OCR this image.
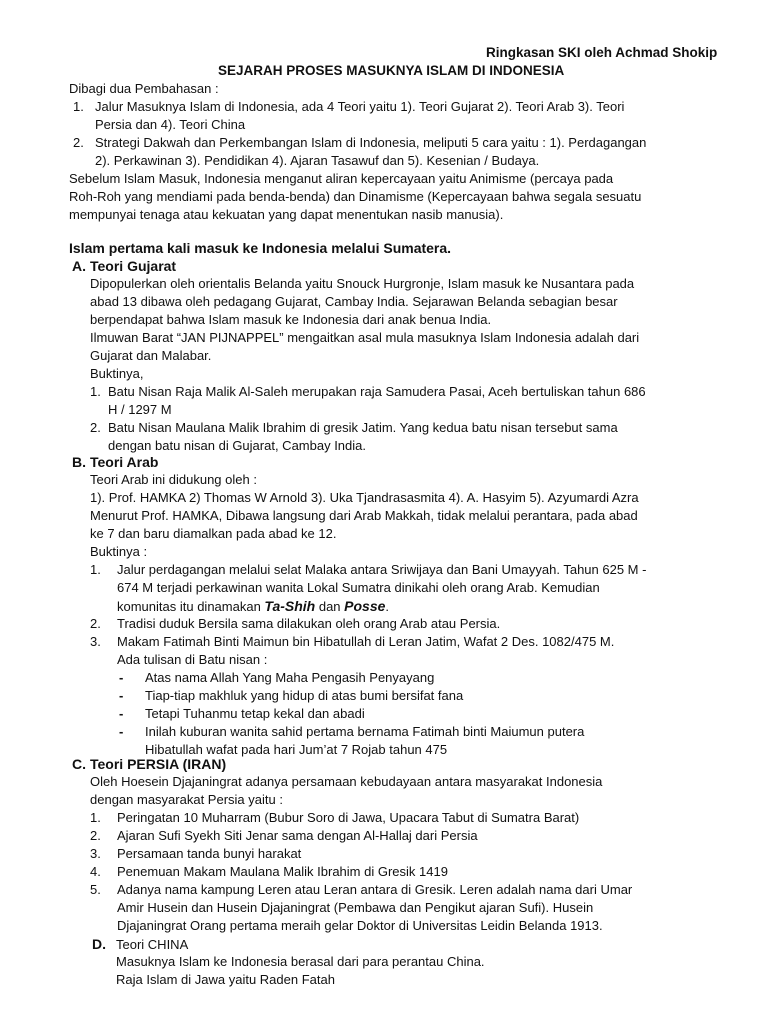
Ringkasan SKI oleh Achmad Shokip
SEJARAH PROSES MASUKNYA ISLAM DI INDONESIA
Dibagi dua Pembahasan :
1. Jalur Masuknya Islam di Indonesia, ada 4 Teori yaitu 1). Teori Gujarat 2). Teori Arab 3). Teori
Persia dan 4). Teori China
2. Strategi Dakwah dan Perkembangan Islam di Indonesia, meliputi 5 cara yaitu : 1). Perdagangan
2). Perkawinan 3). Pendidikan 4). Ajaran Tasawuf dan 5). Kesenian / Budaya.
Sebelum Islam Masuk, Indonesia menganut aliran kepercayaan yaitu Animisme (percaya pada
Roh-Roh yang mendiami pada benda-benda) dan Dinamisme (Kepercayaan bahwa segala sesuatu
mempunyai tenaga atau kekuatan yang dapat menentukan nasib manusia).
Islam pertama kali masuk ke Indonesia melalui Sumatera.
A. Teori Gujarat
Dipopulerkan oleh orientalis Belanda yaitu Snouck Hurgronje, Islam masuk ke Nusantara pada
abad 13 dibawa oleh pedagang Gujarat, Cambay India. Sejarawan Belanda sebagian besar
berpendapat bahwa Islam masuk ke Indonesia dari anak benua India.
Ilmuwan Barat “JAN PIJNAPPEL” mengaitkan asal mula masuknya Islam Indonesia adalah dari
Gujarat dan Malabar.
Buktinya,
1. Batu Nisan Raja Malik Al-Saleh merupakan raja Samudera Pasai, Aceh bertuliskan tahun 686
H / 1297 M
2. Batu Nisan Maulana Malik Ibrahim di gresik Jatim. Yang kedua batu nisan tersebut sama
dengan batu nisan di Gujarat, Cambay India.
B. Teori Arab
Teori Arab ini didukung oleh :
1). Prof. HAMKA 2) Thomas W Arnold 3). Uka Tjandrasasmita 4). A. Hasyim 5). Azyumardi Azra
Menurut Prof. HAMKA, Dibawa langsung dari Arab Makkah, tidak melalui perantara, pada abad
ke 7 dan baru diamalkan pada abad ke 12.
Buktinya :
1. Jalur perdagangan melalui selat Malaka antara Sriwijaya dan Bani Umayyah. Tahun 625 M -
674 M terjadi perkawinan wanita Lokal Sumatra dinikahi oleh orang Arab. Kemudian
komunitas itu dinamakan Ta-Shih dan Posse.
2. Tradisi duduk Bersila sama dilakukan oleh orang Arab atau Persia.
3. Makam Fatimah Binti Maimun bin Hibatullah di Leran Jatim, Wafat 2 Des. 1082/475 M.
Ada tulisan di Batu nisan :
- Atas nama Allah Yang Maha Pengasih Penyayang
- Tiap-tiap makhluk yang hidup di atas bumi bersifat fana
- Tetapi Tuhanmu tetap kekal dan abadi
- Inilah kuburan wanita sahid pertama bernama Fatimah binti Maiumun putera
Hibatullah wafat pada hari Jum’at 7 Rojab tahun 475
C. Teori PERSIA (IRAN)
Oleh Hoesein Djajaningrat adanya persamaan kebudayaan antara masyarakat Indonesia
dengan masyarakat Persia yaitu :
1. Peringatan 10 Muharram (Bubur Soro di Jawa, Upacara Tabut di Sumatra Barat)
2. Ajaran Sufi Syekh Siti Jenar sama dengan Al-Hallaj dari Persia
3. Persamaan tanda bunyi harakat
4. Penemuan Makam Maulana Malik Ibrahim di Gresik 1419
5. Adanya nama kampung Leren atau Leran antara di Gresik. Leren adalah nama dari Umar
Amir Husein dan Husein Djajaningrat (Pembawa dan Pengikut ajaran Sufi). Husein
Djajaningrat Orang pertama meraih gelar Doktor di Universitas Leidin Belanda 1913.
D. Teori CHINA
Masuknya Islam ke Indonesia berasal dari para perantau China.
Raja Islam di Jawa yaitu Raden Fatah
